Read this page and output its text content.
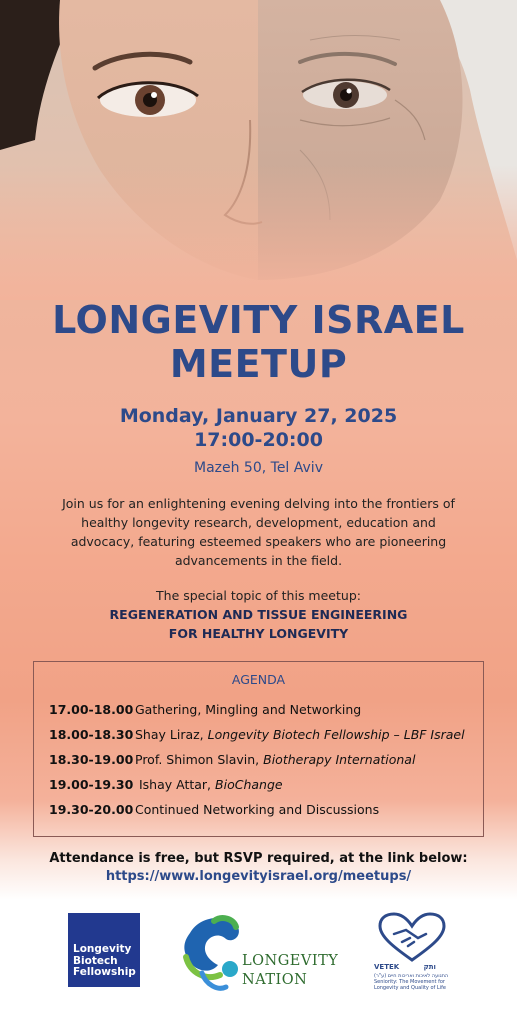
LONGEVITY ISRAEL
MEETUP
Monday, January 27, 2025
17:00-20:00
Mazeh 50, Tel Aviv
Join us for an enlightening evening delving into the frontiers of healthy longevity research, development, education and advocacy, featuring esteemed speakers who are pioneering advancements in the field.
The special topic of this meetup:
REGENERATION AND TISSUE ENGINEERING
FOR HEALTHY LONGEVITY
AGENDA
17.00-18.00 Gathering, Mingling and Networking
18.00-18.30 Shay Liraz, Longevity Biotech Fellowship – LBF Israel
18.30-19.00 Prof. Shimon Slavin, Biotherapy International
19.00-19.30 Ishay Attar, BioChange
19.30-20.00 Continued Networking and Discussions
Attendance is free, but RSVP required, at the link below:
https://www.longevityisrael.org/meetups/
Longevity
Biotech
Fellowship
LONGEVITY
NATION
VETEK	ותק
התנועה לאיכות ואריכות חיים (ע"ר)
Seniority: The Movement for
Longevity and Quality of Life
